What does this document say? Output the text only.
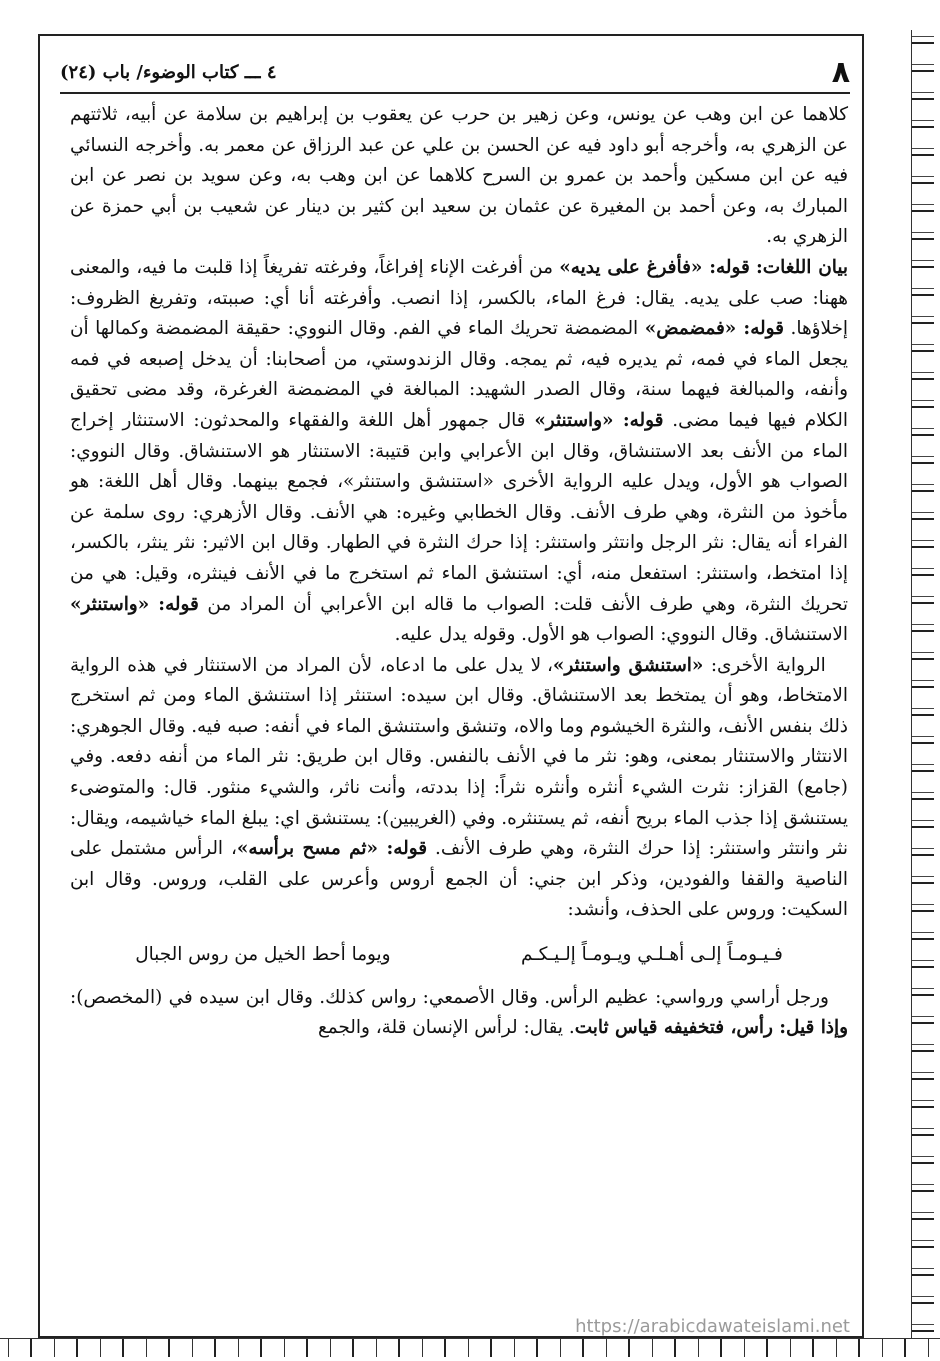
٨
٤ ـــ كتاب الوضوء/ باب (٢٤)

كلاهما عن ابن وهب عن يونس، وعن زهير بن حرب عن يعقوب بن إبراهيم بن سلامة عن أبيه، ثلاثتهم عن الزهري به، وأخرجه أبو داود فيه عن الحسن بن علي عن عبد الرزاق عن معمر به. وأخرجه النسائي فيه عن ابن مسكين وأحمد بن عمرو بن السرح كلاهما عن ابن وهب به، وعن سويد بن نصر عن ابن المبارك به، وعن أحمد بن المغيرة عن عثمان بن سعيد ابن كثير بن دينار عن شعيب بن أبي حمزة عن الزهري به.

بيان اللغات: قوله: «فأفرغ على يديه» من أفرغت الإناء إفراغاً، وفرغته تفريغاً إذا قلبت ما فيه، والمعنى ههنا: صب على يديه. يقال: فرغ الماء، بالكسر، إذا انصب. وأفرغته أنا أي: صببته، وتفريغ الظروف: إخلاؤها. قوله: «فمضمض» المضمضة تحريك الماء في الفم. وقال النووي: حقيقة المضمضة وكمالها أن يجعل الماء في فمه، ثم يديره فيه، ثم يمجه. وقال الزندوستي، من أصحابنا: أن يدخل إصبعه في فمه وأنفه، والمبالغة فيهما سنة، وقال الصدر الشهيد: المبالغة في المضمضة الغرغرة، وقد مضى تحقيق الكلام فيها فيما مضى. قوله: «واستنثر» قال جمهور أهل اللغة والفقهاء والمحدثون: الاستنثار إخراج الماء من الأنف بعد الاستنشاق، وقال ابن الأعرابي وابن قتيبة: الاستنثار هو الاستنشاق. وقال النووي: الصواب هو الأول، ويدل عليه الرواية الأخرى «استنشق واستنثر»، فجمع بينهما. وقال أهل اللغة: هو مأخوذ من النثرة، وهي طرف الأنف. وقال الخطابي وغيره: هي الأنف. وقال الأزهري: روى سلمة عن الفراء أنه يقال: نثر الرجل وانتثر واستنثر: إذا حرك النثرة في الطهار. وقال ابن الاثير: نثر ينثر، بالكسر، إذا امتخط، واستنثر: استفعل منه، أي: استنشق الماء ثم استخرج ما في الأنف فينثره، وقيل: هي من تحريك النثرة، وهي طرف الأنف قلت: الصواب ما قاله ابن الأعرابي أن المراد من قوله: «واستنثر» الاستنشاق. وقال النووي: الصواب هو الأول. وقوله يدل عليه.

الرواية الأخرى: «استنشق واستنثر»، لا يدل على ما ادعاه، لأن المراد من الاستنثار في هذه الرواية الامتخاط، وهو أن يمتخط بعد الاستنشاق. وقال ابن سيده: استنثر إذا استنشق الماء ومن ثم استخرج ذلك بنفس الأنف، والنثرة الخيشوم وما والاه، وتنشق واستنشق الماء في أنفه: صبه فيه. وقال الجوهري: الانتثار والاستنثار بمعنى، وهو: نثر ما في الأنف بالنفس. وقال ابن طريق: نثر الماء من أنفه دفعه. وفي (جامع) القزاز: نثرت الشيء أنثره وأنثره نثراً: إذا بددته، وأنت ناثر، والشيء منثور. قال: والمتوضىء يستنشق إذا جذب الماء بريح أنفه، ثم يستنثره. وفي (الغريبين): يستنشق اي: يبلغ الماء خياشيمه، ويقال: نثر وانتثر واستنثر: إذا حرك النثرة، وهي طرف الأنف. قوله: «ثم مسح برأسه»، الرأس مشتمل على الناصية والقفا والفودين، وذكر ابن جني: أن الجمع أروس وأعرس على القلب، وروس. وقال ابن السكيت: وروس على الحذف، وأنشد:

فـيـومـاً إلـى أهـلـي ويـومـاً إلـيـكـم
ويوما أحط الخيل من روس الجبال

ورجل أراسي ورواسي: عظيم الرأس. وقال الأصمعي: رواس كذلك. وقال ابن سيده في (المخصص): وإذا قيل: رأس، فتخفيفه قياس ثابت. يقال: لرأس الإنسان قلة، والجمع

https://arabicdawateislami.net
